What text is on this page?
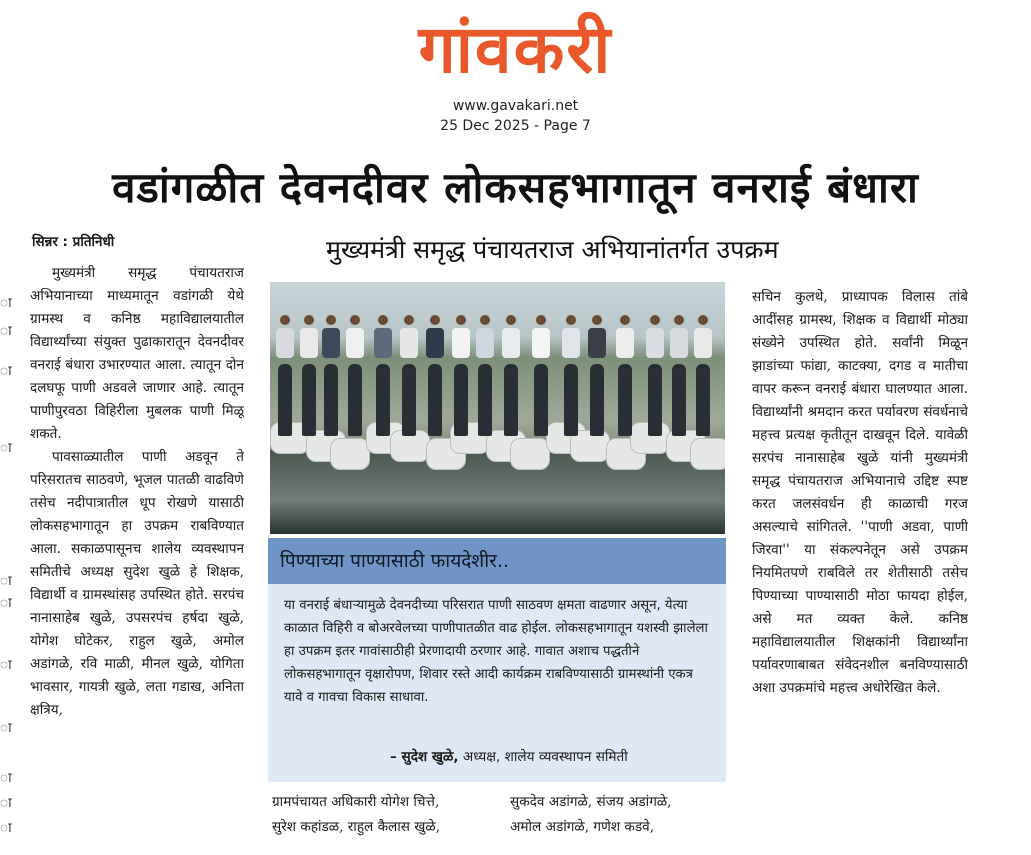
गांवकरी
www.gavakari.net
25 Dec 2025 - Page 7
वडांगळीत देवनदीवर लोकसहभागातून वनराई बंधारा
सिन्नर : प्रतिनिधी	मुख्यमंत्री समृद्ध पंचायतराज अभियानांतर्गत उपक्रम
ा
ा
ा
ा
ा
ा
ा
ा
ा
ा
ा

मुख्यमंत्री समृद्ध पंचायतराज अभियानाच्या माध्यमातून वडांगळी येथे ग्रामस्थ व कनिष्ठ महाविद्यालयातील विद्यार्थ्यांच्या संयुक्त पुढाकारातून देवनदीवर वनराई बंधारा उभारण्यात आला. त्यातून दोन दलघफू पाणी अडवले जाणार आहे. त्यातून पाणीपुरवठा विहिरीला मुबलक पाणी मिळू शकते.

पावसाळ्यातील पाणी अडवून ते परिसरातच साठवणे, भूजल पातळी वाढविणे तसेच नदीपात्रातील धूप रोखणे यासाठी लोकसहभागातून हा उपक्रम राबविण्यात आला. सकाळपासूनच शालेय व्यवस्थापन समितीचे अध्यक्ष सुदेश खुळे हे शिक्षक, विद्यार्थी व ग्रामस्थांसह उपस्थित होते. सरपंच नानासाहेब खुळे, उपसरपंच हर्षदा खुळे, योगेश घोटेकर, राहुल खुळे, अमोल अडांगळे, रवि माळी, मीनल खुळे, योगिता भावसार, गायत्री खुळे, लता गडाख, अनिता क्षत्रिय,

पिण्याच्या पाण्यासाठी फायदेशीर..
या वनराई बंधाऱ्यामुळे देवनदीच्या परिसरात पाणी साठवण क्षमता वाढणार असून, येत्या काळात विहिरी व बोअरवेलच्या पाणीपातळीत वाढ होईल. लोकसहभागातून यशस्वी झालेला हा उपक्रम इतर गावांसाठीही प्रेरणादायी ठरणार आहे. गावात अशाच पद्धतीने लोकसहभागातून वृक्षारोपण, शिवार रस्ते आदी कार्यक्रम राबविण्यासाठी ग्रामस्थांनी एकत्र यावे व गावचा विकास साधावा.
– सुदेश खुळे, अध्यक्ष, शालेय व्यवस्थापन समिती
ग्रामपंचायत अधिकारी योगेश चित्ते,
सुरेश कहांडळ, राहुल कैलास खुळे,
सुकदेव अडांगळे, संजय अडांगळे,
अमोल अडांगळे, गणेश कडवे,

सचिन कुलथे, प्राध्यापक विलास तांबे आदींसह ग्रामस्थ, शिक्षक व विद्यार्थी मोठ्या संख्येने उपस्थित होते. सर्वांनी मिळून झाडांच्या फांद्या, काटक्या, दगड व मातीचा वापर करून वनराई बंधारा घालण्यात आला. विद्यार्थ्यांनी श्रमदान करत पर्यावरण संवर्धनाचे महत्त्व प्रत्यक्ष कृतीतून दाखवून दिले. यावेळी सरपंच नानासाहेब खुळे यांनी मुख्यमंत्री समृद्ध पंचायतराज अभियानाचे उद्दिष्ट स्पष्ट करत जलसंवर्धन ही काळाची गरज असल्याचे सांगितले. ''पाणी अडवा, पाणी जिरवा'' या संकल्पनेतून असे उपक्रम नियमितपणे राबविले तर शेतीसाठी तसेच पिण्याच्या पाण्यासाठी मोठा फायदा होईल, असे मत व्यक्त केले. कनिष्ठ महाविद्यालयातील शिक्षकांनी विद्यार्थ्यांना पर्यावरणाबाबत संवेदनशील बनविण्यासाठी अशा उपक्रमांचे महत्त्व अधोरेखित केले.
